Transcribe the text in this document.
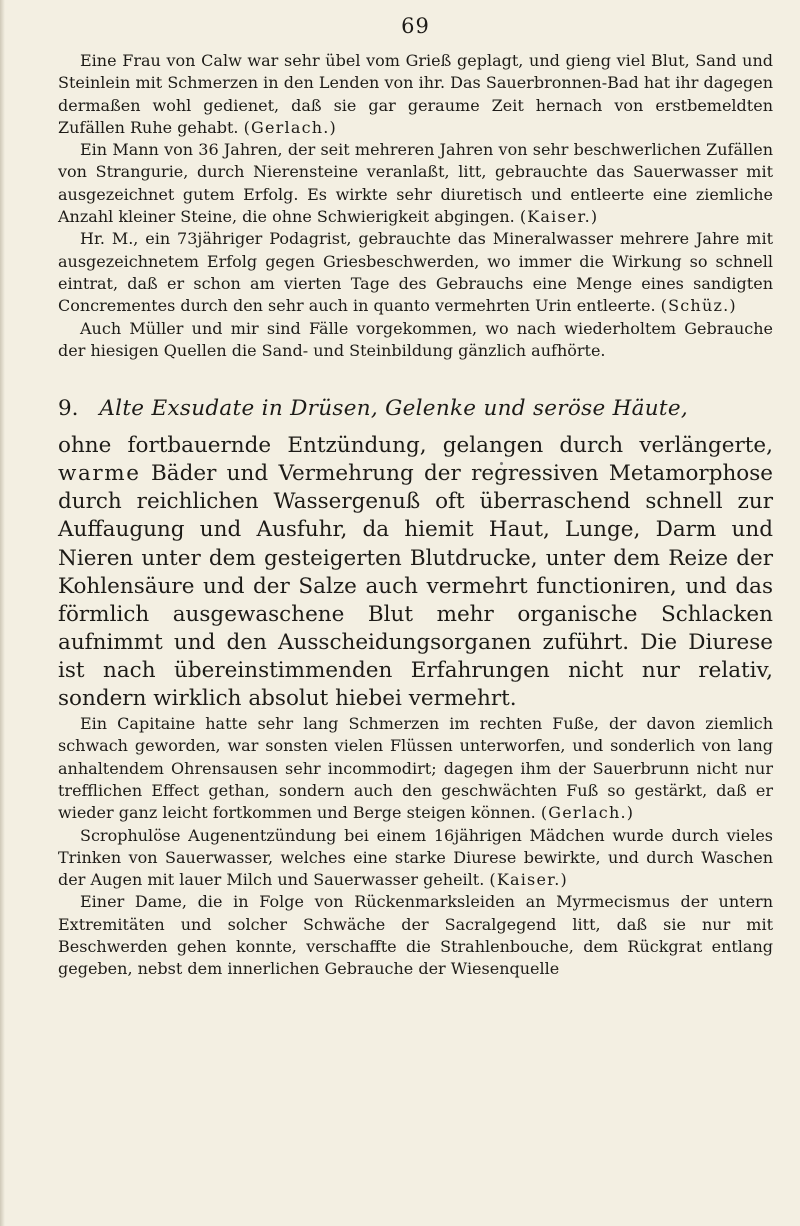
69

Eine Frau von Calw war sehr übel vom Grieß geplagt, und gieng viel Blut, Sand und Steinlein mit Schmerzen in den Lenden von ihr. Das Sauerbronnen-Bad hat ihr dagegen dermaßen wohl gedienet, daß sie gar geraume Zeit hernach von erstbemeldten Zufällen Ruhe gehabt. (Gerlach.)

Ein Mann von 36 Jahren, der seit mehreren Jahren von sehr beschwerlichen Zufällen von Strangurie, durch Nierensteine veranlaßt, litt, gebrauchte das Sauerwasser mit ausgezeichnet gutem Erfolg. Es wirkte sehr diuretisch und entleerte eine ziemliche Anzahl kleiner Steine, die ohne Schwierigkeit abgingen. (Kaiser.)

Hr. M., ein 73jähriger Podagrist, gebrauchte das Mineralwasser mehrere Jahre mit ausgezeichnetem Erfolg gegen Griesbeschwerden, wo immer die Wirkung so schnell eintrat, daß er schon am vierten Tage des Gebrauchs eine Menge eines sandigten Concrementes durch den sehr auch in quanto vermehrten Urin entleerte. (Schüz.)

Auch Müller und mir sind Fälle vorgekommen, wo nach wiederholtem Gebrauche der hiesigen Quellen die Sand- und Steinbildung gänzlich aufhörte.

9. Alte Exsudate in Drüsen, Gelenke und seröse Häute,

ohne fortbauernde Entzündung, gelangen durch verlängerte, warme Bäder und Vermehrung der regressiven Metamorphose durch reichlichen Wassergenuß oft überraschend schnell zur Auffaugung und Ausfuhr, da hiemit Haut, Lunge, Darm und Nieren unter dem gesteigerten Blutdrucke, unter dem Reize der Kohlensäure und der Salze auch vermehrt functioniren, und das förmlich ausgewaschene Blut mehr organische Schlacken aufnimmt und den Ausscheidungsorganen zuführt. Die Diurese ist nach übereinstimmenden Erfahrungen nicht nur relativ, sondern wirklich absolut hiebei vermehrt.

Ein Capitaine hatte sehr lang Schmerzen im rechten Fuße, der davon ziemlich schwach geworden, war sonsten vielen Flüssen unterworfen, und sonderlich von lang anhaltendem Ohrensausen sehr incommodirt; dagegen ihm der Sauerbrunn nicht nur trefflichen Effect gethan, sondern auch den geschwächten Fuß so gestärkt, daß er wieder ganz leicht fortkommen und Berge steigen können. (Gerlach.)

Scrophulöse Augenentzündung bei einem 16jährigen Mädchen wurde durch vieles Trinken von Sauerwasser, welches eine starke Diurese bewirkte, und durch Waschen der Augen mit lauer Milch und Sauerwasser geheilt. (Kaiser.)

Einer Dame, die in Folge von Rückenmarksleiden an Myrmecismus der untern Extremitäten und solcher Schwäche der Sacralgegend litt, daß sie nur mit Beschwerden gehen konnte, verschaffte die Strahlenbouche, dem Rückgrat entlang gegeben, nebst dem innerlichen Gebrauche der Wiesenquelle
